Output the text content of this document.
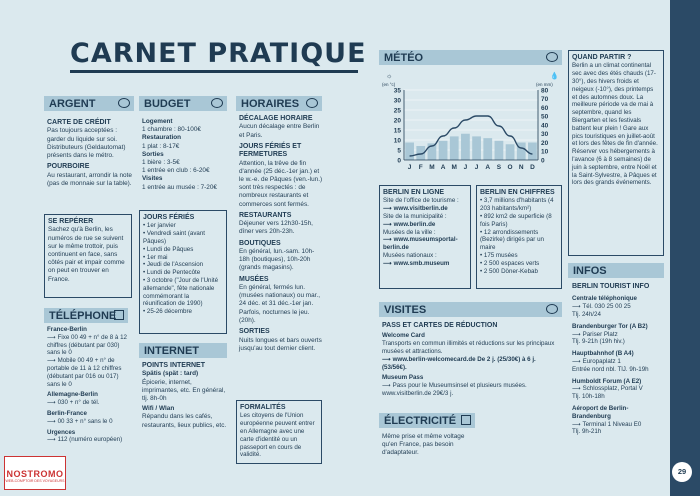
CARNET PRATIQUE
ARGENT
CARTE DE CRÉDIT
Pas toujours acceptées : garder du liquide sur soi. Distributeurs (Geldautomat) présents dans le métro.
POURBOIRE
Au restaurant, arrondir la note (pas de monnaie sur la table).
SE REPÉRER
Sachez qu'à Berlin, les numéros de rue se suivent sur le même trottoir, puis continuent en face, sans côtés pair et impair comme on peut en trouver en France.
TÉLÉPHONE
France-Berlin
⟶ Fixe 00 49 + n° de 8 à 12 chiffres (débutant par 030) sans le 0
⟶ Mobile 00 49 + n° de portable de 11 à 12 chiffres (débutant par 016 ou 017) sans le 0
Allemagne-Berlin
⟶ 030 + n° de tél.
Berlin-France
⟶ 00 33 + n° sans le 0
Urgences
⟶ 112 (numéro européen)
BUDGET
Logement
1 chambre : 80-100€
Restauration
1 plat : 8-17€
Sorties
1 bière : 3-5€
1 entrée en club : 6-20€
Visites
1 entrée au musée : 7-20€
JOURS FÉRIÉS
• 1er janvier
• Vendredi saint (avant Pâques)
• Lundi de Pâques
• 1er mai
• Jeudi de l'Ascension
• Lundi de Pentecôte
• 3 octobre ("Jour de l'Unité allemande", fête nationale commémorant la réunification de 1990)
• 25-26 décembre
INTERNET
POINTS INTERNET
Spätis (spät : tard)
Épicerie, internet, imprimantes, etc. En général, tlj. 8h-0h
Wifi / Wlan
Répandu dans les cafés, restaurants, lieux publics, etc.
HORAIRES
DÉCALAGE HORAIRE
Aucun décalage entre Berlin et Paris.
JOURS FÉRIÉS ET FERMETURES
Attention, la trêve de fin d'année (25 déc.-1er jan.) et le w.-e. de Pâques (ven.-lun.) sont très respectés : de nombreux restaurants et commerces sont fermés.
RESTAURANTS
Déjeuner vers 12h30-15h, dîner vers 20h-23h.
BOUTIQUES
En général, lun.-sam. 10h-18h (boutiques), 10h-20h (grands magasins).
MUSÉES
En général, fermés lun. (musées nationaux) ou mar., 24 déc. et 31 déc.-1er jan. Parfois, nocturnes le jeu. (20h).
SORTIES
Nuits longues et bars ouverts jusqu'au tout dernier client.
FORMALITÉS
Les citoyens de l'Union européenne peuvent entrer en Allemagne avec une carte d'identité ou un passeport en cours de validité.
MÉTÉO
☼	💧
(en °c)	(en mm)
0
5
10
15
20
25
30
35
0
10
20
30
40
50
60
70
80
J F M A M J J A S O N D
QUAND PARTIR ?
Berlin a un climat continental sec avec des étés chauds (17-30°), des hivers froids et neigeux (-10°), des printemps et des automnes doux. La meilleure période va de mai à septembre, quand les Biergarten et les festivals battent leur plein ! Gare aux pics touristiques en juillet-août et lors des fêtes de fin d'année. Réserver vos hébergements à l'avance (6 à 8 semaines) de juin à septembre, entre Noël et la Saint-Sylvestre, à Pâques et lors des grands événements.
BERLIN EN LIGNE
Site de l'office de tourisme :
⟶ www.visitberlin.de
Site de la municipalité :
⟶ www.berlin.de
Musées de la ville :
⟶ www.museumsportal-berlin.de
Musées nationaux :
⟶ www.smb.museum
BERLIN EN CHIFFRES
• 3,7 millions d'habitants (4 203 habitants/km²)
• 892 km2 de superficie (8 fois Paris)
• 12 arrondissements (Bezirke) dirigés par un maire
• 175 musées
• 2 500 espaces verts
• 2 500 Döner-Kebab
VISITES
PASS ET CARTES DE RÉDUCTION
Welcome Card
Transports en commun illimités et réductions sur les principaux musées et attractions.
⟶ www.berlin-welcomecard.de De 2 j. (25/30€) à 6 j. (53/56€).
Museum Pass
⟶ Pass pour le Museumsinsel et plusieurs musées. www.visitberlin.de 29€/3 j.
ÉLECTRICITÉ
Même prise et même voltage qu'en France, pas besoin d'adaptateur.
INFOS
BERLIN TOURIST INFO
Centrale téléphonique
⟶ Tél. 030 25 00 25
Tlj. 24h/24
Brandenburger Tor (A B2)
⟶ Pariser Platz
Tlj. 9-21h (19h hiv.)
Hauptbahnhof (B A4)
⟶ Europaplatz 1
Entrée nord nbl. TlJ. 9h-19h
Humboldt Forum (A E2)
⟶ Schlossplatz, Portal V
Tlj. 10h-18h
Aéroport de Berlin-Brandenburg
⟶ Terminal 1 Niveau E0
Tlj. 9h-21h
29
NOSTROMO
WEB-COMPTOIR DES VOYAGEURS
